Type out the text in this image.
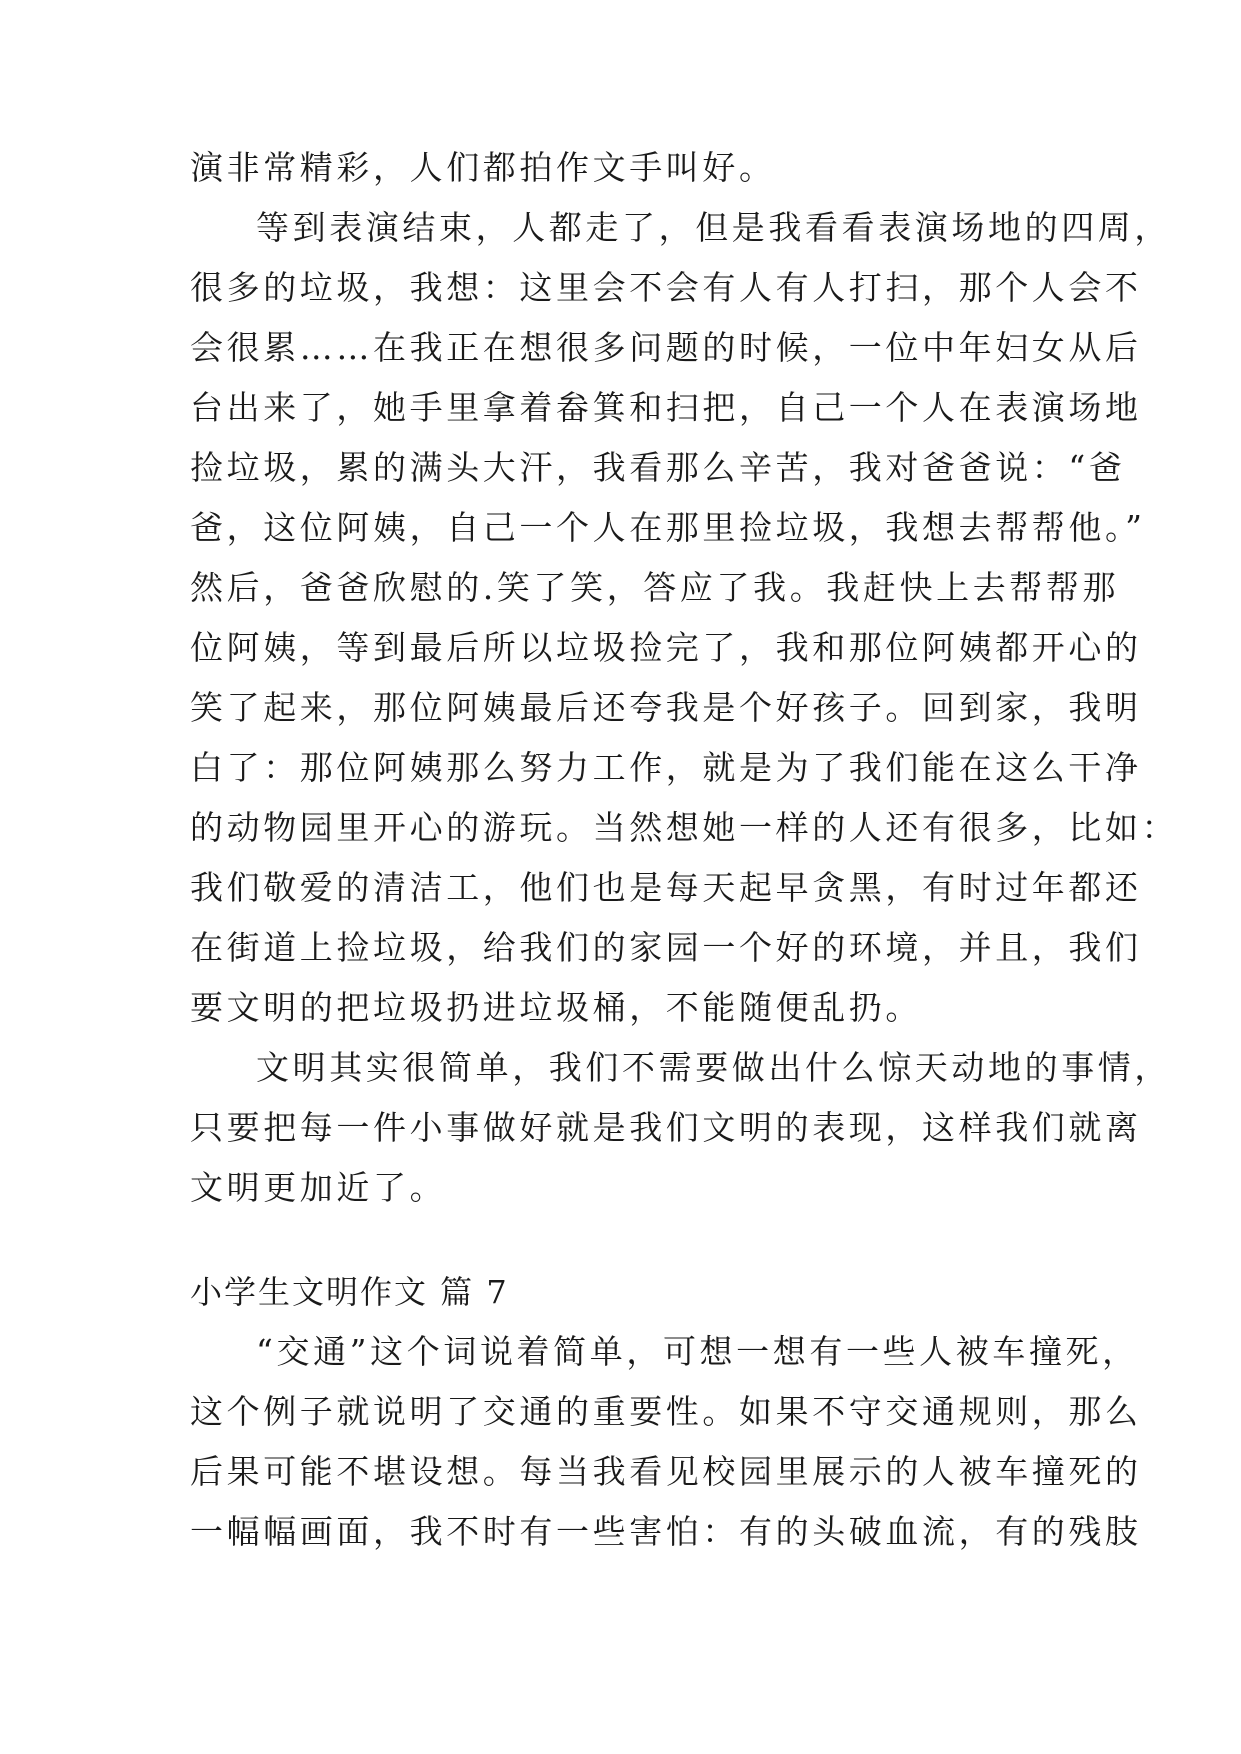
演非常精彩，人们都拍作文手叫好。
等到表演结束，人都走了，但是我看看表演场地的四周，
很多的垃圾，我想：这里会不会有人有人打扫，那个人会不
会很累……在我正在想很多问题的时候，一位中年妇女从后
台出来了，她手里拿着畚箕和扫把，自己一个人在表演场地
捡垃圾，累的满头大汗，我看那么辛苦，我对爸爸说：“爸
爸，这位阿姨，自己一个人在那里捡垃圾，我想去帮帮他。”
然后，爸爸欣慰的.笑了笑，答应了我。我赶快上去帮帮那
位阿姨，等到最后所以垃圾捡完了，我和那位阿姨都开心的
笑了起来，那位阿姨最后还夸我是个好孩子。回到家，我明
白了：那位阿姨那么努力工作，就是为了我们能在这么干净
的动物园里开心的游玩。当然想她一样的人还有很多，比如：
我们敬爱的清洁工，他们也是每天起早贪黑，有时过年都还
在街道上捡垃圾，给我们的家园一个好的环境，并且，我们
要文明的把垃圾扔进垃圾桶，不能随便乱扔。
文明其实很简单，我们不需要做出什么惊天动地的事情，
只要把每一件小事做好就是我们文明的表现，这样我们就离
文明更加近了。
小学生文明作文 篇 7
“交通”这个词说着简单，可想一想有一些人被车撞死，
这个例子就说明了交通的重要性。如果不守交通规则，那么
后果可能不堪设想。每当我看见校园里展示的人被车撞死的
一幅幅画面，我不时有一些害怕：有的头破血流，有的残肢
